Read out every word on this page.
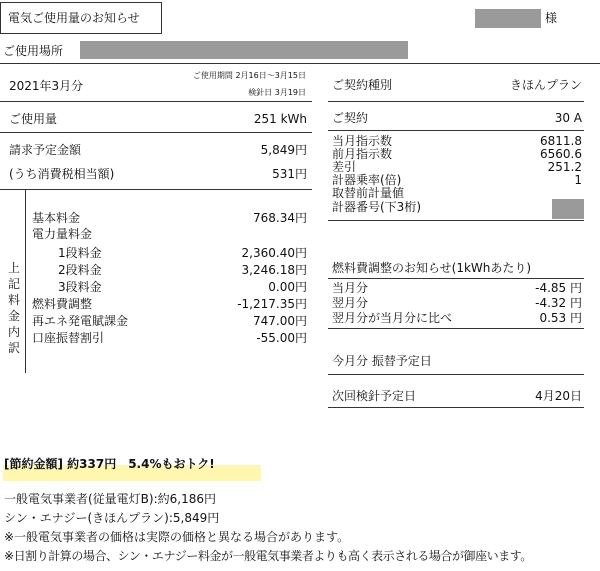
電気ご使用量のお知らせ	様
ご使用場所
2021年3月分
ご使用期間 2月16日～3月15日
検針日 3月19日
ご使用量	251 kWh
請求予定金額	5,849円
(うち消費税相当額)	531円
上
記
料
金
内
訳
基本料金	768.34円
電力量料金
1段料金	2,360.40円
2段料金	3,246.18円
3段料金	0.00円
燃料費調整	-1,217.35円
再エネ発電賦課金	747.00円
口座振替割引	-55.00円
ご契約種別	きほんプラン
ご契約	30 A
当月指示数	6811.8
前月指示数	6560.6
差引	251.2
計器乗率(倍)	1
取替前計量値
計器番号(下3桁)
燃料費調整のお知らせ(1kWhあたり)
当月分	-4.85 円
翌月分	-4.32 円
翌月分が当月分に比べ	0.53 円
今月分 振替予定日
次回検針予定日	4月20日
[節約金額] 約337円　5.4%もおトク!
一般電気事業者(従量電灯B):約6,186円
シン・エナジー(きほんプラン):5,849円
※一般電気事業者の価格は実際の価格と異なる場合があります。
※日割り計算の場合、シン・エナジー料金が一般電気事業者よりも高く表示される場合が御座います。
